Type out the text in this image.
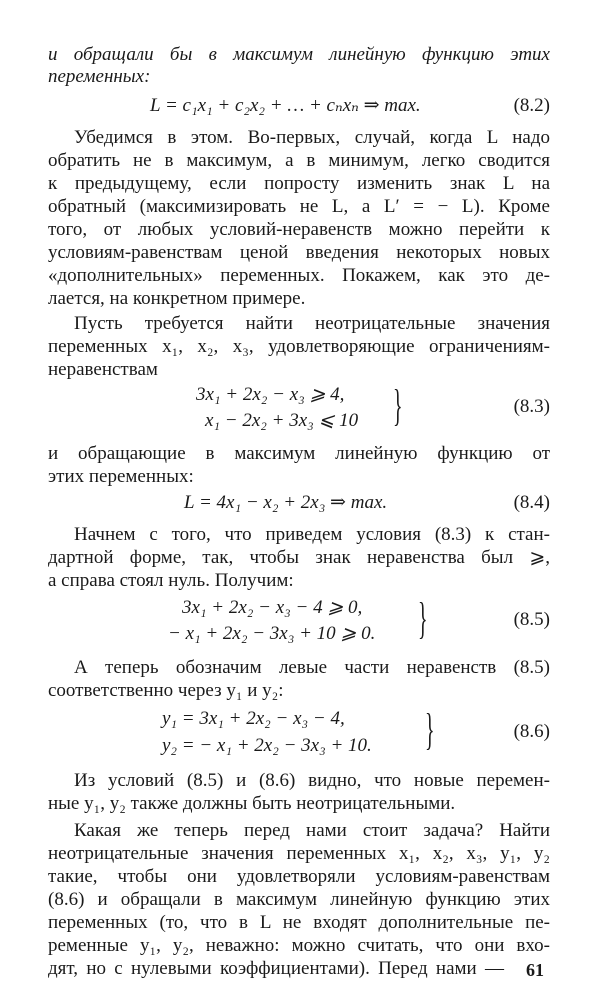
и обращали бы в максимум линейную функцию этих
переменных:
L = c₁x₁ + c₂x₂ + … + cₙxₙ ⇒ max.	(8.2)
Убедимся в этом. Во-первых, случай, когда L надо
обратить не в максимум, а в минимум, легко сводится
к предыдущему, если попросту изменить знак L на
обратный (максимизировать не L, а L′ = − L). Кроме
того, от любых условий-неравенств можно перейти к
условиям-равенствам ценой введения некоторых новых
«дополнительных» переменных. Покажем, как это де-
лается, на конкретном примере.
Пусть требуется найти неотрицательные значения
переменных x₁, x₂, x₃, удовлетворяющие ограничениям-
неравенствам
3x₁ + 2x₂ − x₃ ⩾ 4,
x₁ − 2x₂ + 3x₃ ⩽ 10 }	(8.3)
и обращающие в максимум линейную функцию от
этих переменных:
L = 4x₁ − x₂ + 2x₃ ⇒ max.	(8.4)
Начнем с того, что приведем условия (8.3) к стан-
дартной форме, так, чтобы знак неравенства был ⩾,
а справа стоял нуль. Получим:
3x₁ + 2x₂ − x₃ − 4 ⩾ 0,
− x₁ + 2x₂ − 3x₃ + 10 ⩾ 0. }	(8.5)
А теперь обозначим левые части неравенств (8.5)
соответственно через y₁ и y₂:
y₁ = 3x₁ + 2x₂ − x₃ − 4,
y₂ = − x₁ + 2x₂ − 3x₃ + 10. }	(8.6)
Из условий (8.5) и (8.6) видно, что новые перемен-
ные y₁, y₂ также должны быть неотрицательными.
Какая же теперь перед нами стоит задача? Найти
неотрицательные значения переменных x₁, x₂, x₃, y₁, y₂
такие, чтобы они удовлетворяли условиям-равенствам
(8.6) и обращали в максимум линейную функцию этих
переменных (то, что в L не входят дополнительные пе-
ременные y₁, y₂, неважно: можно считать, что они вхо-
дят, но с нулевыми коэффициентами). Перед нами — 61
